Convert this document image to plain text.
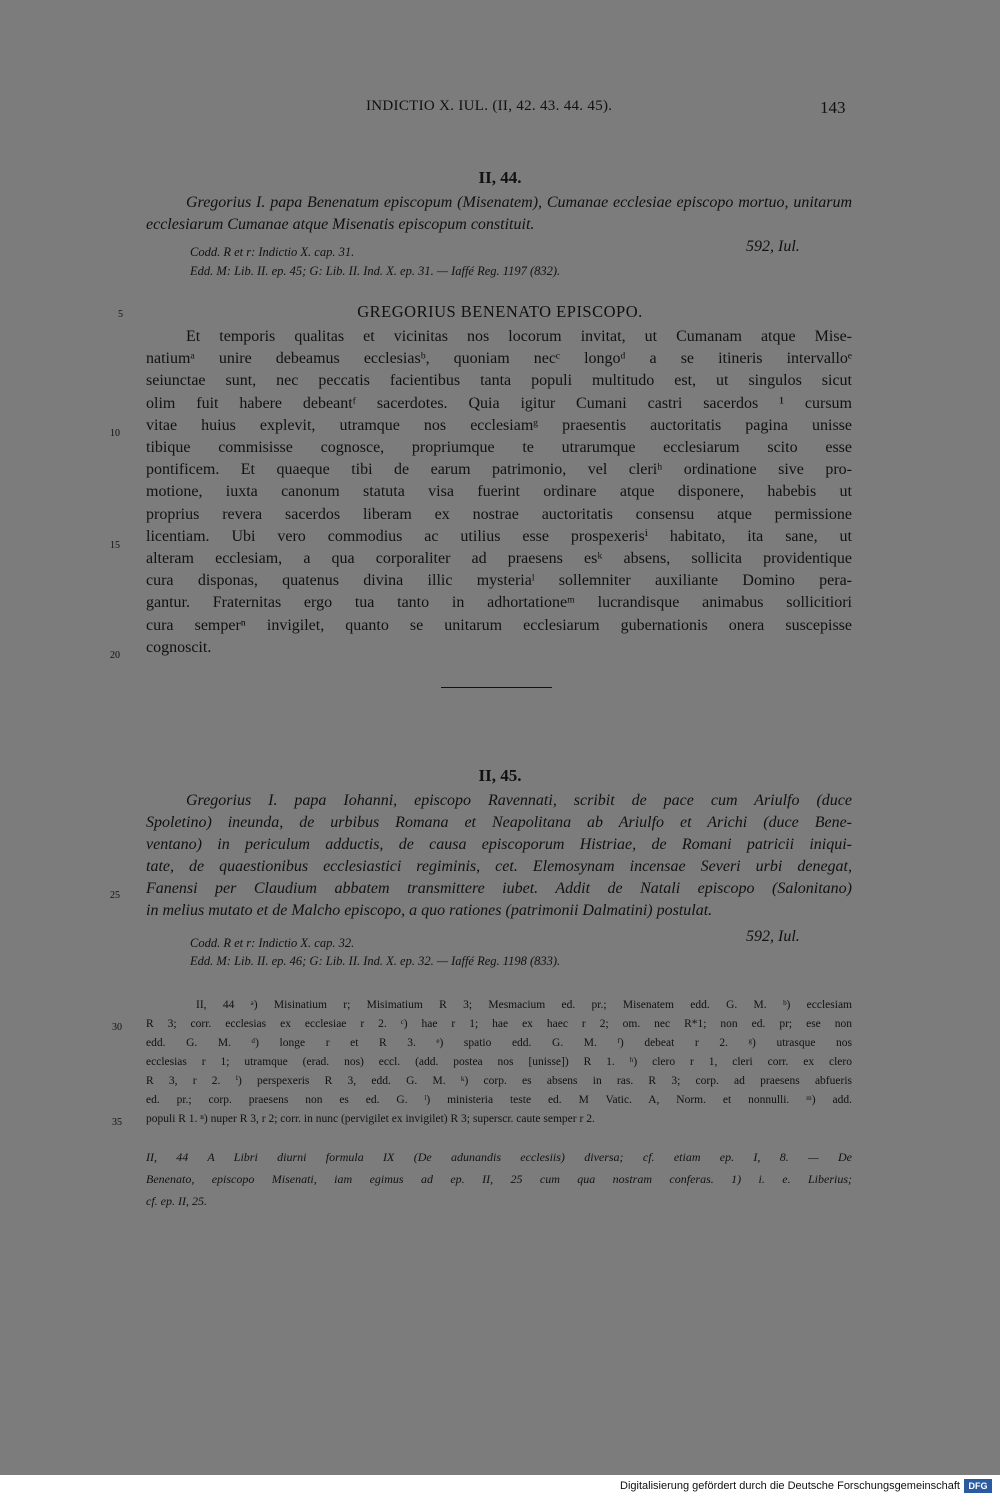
INDICTIO X. IUL. (II, 42. 43. 44. 45).	143
II, 44.

Gregorius I. papa Benenatum episcopum (Misenatem), Cumanae ecclesiae episcopo mortuo, unitarum ecclesiarum Cumanae atque Misenatis episcopum constituit.

Codd. R et r: Indictio X. cap. 31.	592, Iul.
Edd. M: Lib. II. ep. 45; G: Lib. II. Ind. X. ep. 31. — Iaffé Reg. 1197 (832).
5	GREGORIUS BENENATO EPISCOPO.
Et temporis qualitas et vicinitas nos locorum invitat, ut Cumanam atque Mise-
natiumᵃ unire debeamus ecclesiasᵇ, quoniam necᶜ longoᵈ a se itineris intervalloᵉ
seiunctae sunt, nec peccatis facientibus tanta populi multitudo est, ut singulos sicut
olim fuit habere debeantᶠ sacerdotes. Quia igitur Cumani castri sacerdos ¹ cursum
vitae huius explevit, utramque nos ecclesiamᵍ praesentis auctoritatis pagina unisse
tibique commisisse cognosce, propriumque te utrarumque ecclesiarum scito esse
pontificem. Et quaeque tibi de earum patrimonio, vel cleriʰ ordinatione sive pro-
motione, iuxta canonum statuta visa fuerint ordinare atque disponere, habebis ut
proprius revera sacerdos liberam ex nostrae auctoritatis consensu atque permissione
licentiam. Ubi vero commodius ac utilius esse prospexerisⁱ habitato, ita sane, ut
alteram ecclesiam, a qua corporaliter ad praesens esᵏ absens, sollicita providentique
cura disponas, quatenus divina illic mysteriaˡ sollemniter auxiliante Domino pera-
gantur. Fraternitas ergo tua tanto in adhortationeᵐ lucrandisque animabus sollicitiori
cura semperⁿ invigilet, quanto se unitarum ecclesiarum gubernationis onera suscepisse
cognoscit.
10
15
20
II, 45.
Gregorius I. papa Iohanni, episcopo Ravennati, scribit de pace cum Ariulfo (duce
Spoletino) ineunda, de urbibus Romana et Neapolitana ab Ariulfo et Arichi (duce Bene-
ventano) in periculum adductis, de causa episcoporum Histriae, de Romani patricii iniqui-
tate, de quaestionibus ecclesiastici regiminis, cet. Elemosynam incensae Severi urbi denegat,
Fanensi per Claudium abbatem transmittere iubet. Addit de Natali episcopo (Salonitano)
in melius mutato et de Malcho episcopo, a quo rationes (patrimonii Dalmatini) postulat.
25
Codd. R et r: Indictio X. cap. 32.	592, Iul.
Edd. M: Lib. II. ep. 46; G: Lib. II. Ind. X. ep. 32. — Iaffé Reg. 1198 (833).
II, 44 ᵃ) Misinatium r; Misimatium R 3; Mesmacium ed. pr.; Misenatem edd. G. M. ᵇ) ecclesiam
R 3; corr. ecclesias ex ecclesiae r 2. ᶜ) hae r 1; hae ex haec r 2; om. nec R*1; non ed. pr; ese non
edd. G. M. ᵈ) longe r et R 3. ᵉ) spatio edd. G. M. ᶠ) debeat r 2. ᵍ) utrasque nos
ecclesias r 1; utramque (erad. nos) eccl. (add. postea nos [unisse]) R 1. ʰ) clero r 1, cleri corr. ex clero
R 3, r 2. ⁱ) perspexeris R 3, edd. G. M. ᵏ) corp. es absens in ras. R 3; corp. ad praesens abfueris
ed. pr.; corp. praesens non es ed. G. ˡ) ministeria teste ed. M Vatic. A, Norm. et nonnulli. ᵐ) add.
populi R 1. ⁿ) nuper R 3, r 2; corr. in nunc (pervigilet ex invigilet) R 3; superscr. caute semper r 2.
30
35
II, 44 A Libri diurni formula IX (De adunandis ecclesiis) diversa; cf. etiam ep. I, 8. — De
Benenato, episcopo Misenati, iam egimus ad ep. II, 25 cum qua nostram conferas. 1) i. e. Liberius;
cf. ep. II, 25.
Digitalisierung gefördert durch die Deutsche Forschungsgemeinschaft DFG
